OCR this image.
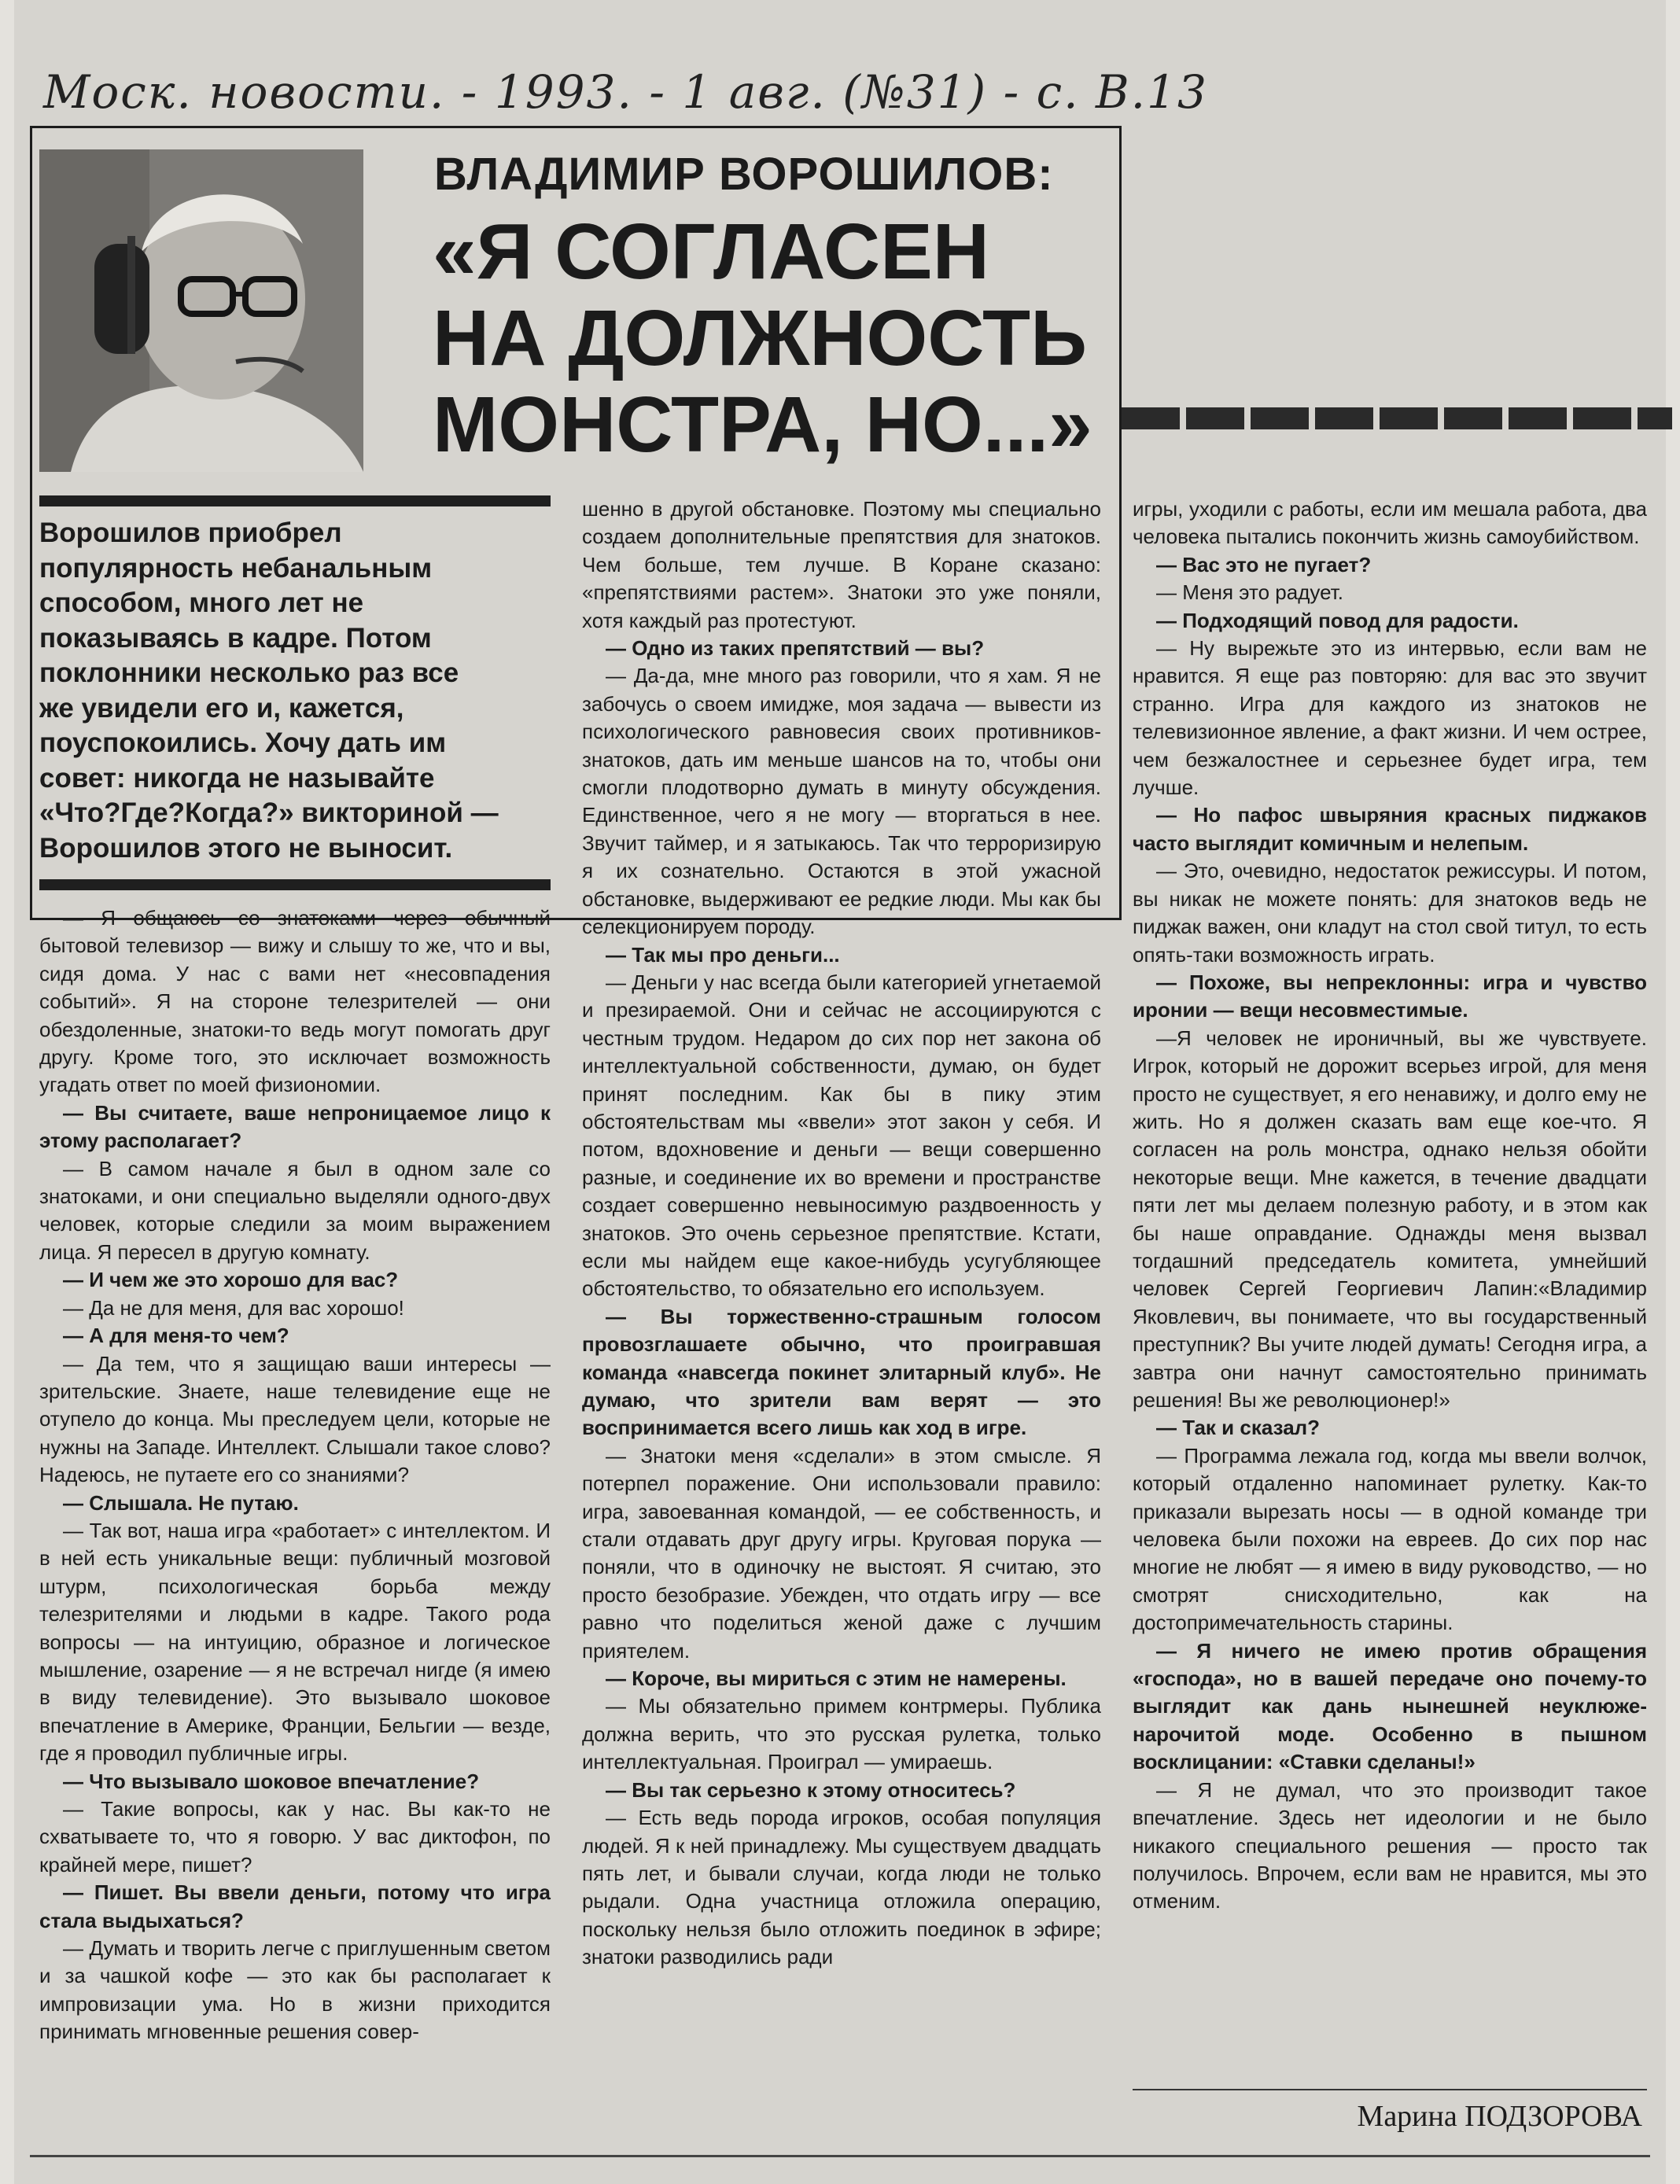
Моск. новости. - 1993. - 1 авг. (№31) - с. В.13
ВЛАДИМИР ВОРОШИЛОВ:
«Я СОГЛАСЕН
НА ДОЛЖНОСТЬ
МОНСТРА, НО...»
Ворошилов приобрел
популярность небанальным
способом, много лет не
показываясь в кадре. Потом
поклонники несколько раз все
же увидели его и, кажется,
поуспокоились. Хочу дать им
совет: никогда не называйте
«Что?Где?Когда?» викториной —
Ворошилов этого не выносит.

— Я общаюсь со знатоками через обычный бытовой телевизор — вижу и слышу то же, что и вы, сидя дома. У нас с вами нет «несовпадения событий». Я на стороне телезрителей — они обездоленные, знатоки-то ведь могут помогать друг другу. Кроме того, это исключает возможность угадать ответ по моей физиономии.

— Вы считаете, ваше непроницаемое лицо к этому располагает?

— В самом начале я был в одном зале со знатоками, и они специально выделяли одного-двух человек, которые следили за моим выражением лица. Я пересел в другую комнату.

— И чем же это хорошо для вас?

— Да не для меня, для вас хорошо!

— А для меня-то чем?

— Да тем, что я защищаю ваши интересы — зрительские. Знаете, наше телевидение еще не отупело до конца. Мы преследуем цели, которые не нужны на Западе. Интеллект. Слышали такое слово? Надеюсь, не путаете его со знаниями?

— Слышала. Не путаю.

— Так вот, наша игра «работает» с интеллектом. И в ней есть уникальные вещи: публичный мозговой штурм, психологическая борьба между телезрителями и людьми в кадре. Такого рода вопросы — на интуицию, образное и логическое мышление, озарение — я не встречал нигде (я имею в виду телевидение). Это вызывало шоковое впечатление в Америке, Франции, Бельгии — везде, где я проводил публичные игры.

— Что вызывало шоковое впечатление?

— Такие вопросы, как у нас. Вы как-то не схватываете то, что я говорю. У вас диктофон, по крайней мере, пишет?

— Пишет. Вы ввели деньги, потому что игра стала выдыхаться?

— Думать и творить легче с приглушенным светом и за чашкой кофе — это как бы располагает к импровизации ума. Но в жизни приходится принимать мгновенные решения совер-

шенно в другой обстановке. Поэтому мы специально создаем дополнительные препятствия для знатоков. Чем больше, тем лучше. В Коране сказано: «препятствиями растем». Знатоки это уже поняли, хотя каждый раз протестуют.

— Одно из таких препятствий — вы?

— Да-да, мне много раз говорили, что я хам. Я не забочусь о своем имидже, моя задача — вывести из психологического равновесия своих противников-знатоков, дать им меньше шансов на то, чтобы они смогли плодотворно думать в минуту обсуждения. Единственное, чего я не могу — вторгаться в нее. Звучит таймер, и я затыкаюсь. Так что терроризирую я их сознательно. Остаются в этой ужасной обстановке, выдерживают ее редкие люди. Мы как бы селекционируем породу.

— Так мы про деньги...

— Деньги у нас всегда были категорией угнетаемой и презираемой. Они и сейчас не ассоциируются с честным трудом. Недаром до сих пор нет закона об интеллектуальной собственности, думаю, он будет принят последним. Как бы в пику этим обстоятельствам мы «ввели» этот закон у себя. И потом, вдохновение и деньги — вещи совершенно разные, и соединение их во времени и пространстве создает совершенно невыносимую раздвоенность у знатоков. Это очень серьезное препятствие. Кстати, если мы найдем еще какое-нибудь усугубляющее обстоятельство, то обязательно его используем.

— Вы торжественно-страшным голосом провозглашаете обычно, что проигравшая команда «навсегда покинет элитарный клуб». Не думаю, что зрители вам верят — это воспринимается всего лишь как ход в игре.

— Знатоки меня «сделали» в этом смысле. Я потерпел поражение. Они использовали правило: игра, завоеванная командой, — ее собственность, и стали отдавать друг другу игры. Круговая порука — поняли, что в одиночку не выстоят. Я считаю, это просто безобразие. Убежден, что отдать игру — все равно что поделиться женой даже с лучшим приятелем.

— Короче, вы мириться с этим не намерены.

— Мы обязательно примем контрмеры. Публика должна верить, что это русская рулетка, только интеллектуальная. Проиграл — умираешь.

— Вы так серьезно к этому относитесь?

— Есть ведь порода игроков, особая популяция людей. Я к ней принадлежу. Мы существуем двадцать пять лет, и бывали случаи, когда люди не только рыдали. Одна участница отложила операцию, поскольку нельзя было отложить поединок в эфире; знатоки разводились ради

игры, уходили с работы, если им мешала работа, два человека пытались покончить жизнь самоубийством.

— Вас это не пугает?

— Меня это радует.

— Подходящий повод для радости.

— Ну вырежьте это из интервью, если вам не нравится. Я еще раз повторяю: для вас это звучит странно. Игра для каждого из знатоков не телевизионное явление, а факт жизни. И чем острее, чем безжалостнее и серьезнее будет игра, тем лучше.

— Но пафос швыряния красных пиджаков часто выглядит комичным и нелепым.

— Это, очевидно, недостаток режиссуры. И потом, вы никак не можете понять: для знатоков ведь не пиджак важен, они кладут на стол свой титул, то есть опять-таки возможность играть.

— Похоже, вы непреклонны: игра и чувство иронии — вещи несовместимые.

—Я человек не ироничный, вы же чувствуете. Игрок, который не дорожит всерьез игрой, для меня просто не существует, я его ненавижу, и долго ему не жить. Но я должен сказать вам еще кое-что. Я согласен на роль монстра, однако нельзя обойти некоторые вещи. Мне кажется, в течение двадцати пяти лет мы делаем полезную работу, и в этом как бы наше оправдание. Однажды меня вызвал тогдашний председатель комитета, умнейший человек Сергей Георгиевич Лапин:«Владимир Яковлевич, вы понимаете, что вы государственный преступник? Вы учите людей думать! Сегодня игра, а завтра они начнут самостоятельно принимать решения! Вы же революционер!»

— Так и сказал?

— Программа лежала год, когда мы ввели волчок, который отдаленно напоминает рулетку. Как-то приказали вырезать носы — в одной команде три человека были похожи на евреев. До сих пор нас многие не любят — я имею в виду руководство, — но смотрят снисходительно, как на достопримечательность старины.

— Я ничего не имею против обращения «господа», но в вашей передаче оно почему-то выглядит как дань нынешней неуклюже-нарочитой моде. Особенно в пышном восклицании: «Ставки сделаны!»

— Я не думал, что это производит такое впечатление. Здесь нет идеологии и не было никакого специального решения — просто так получилось. Впрочем, если вам не нравится, мы это отменим.

Марина ПОДЗОРОВА
